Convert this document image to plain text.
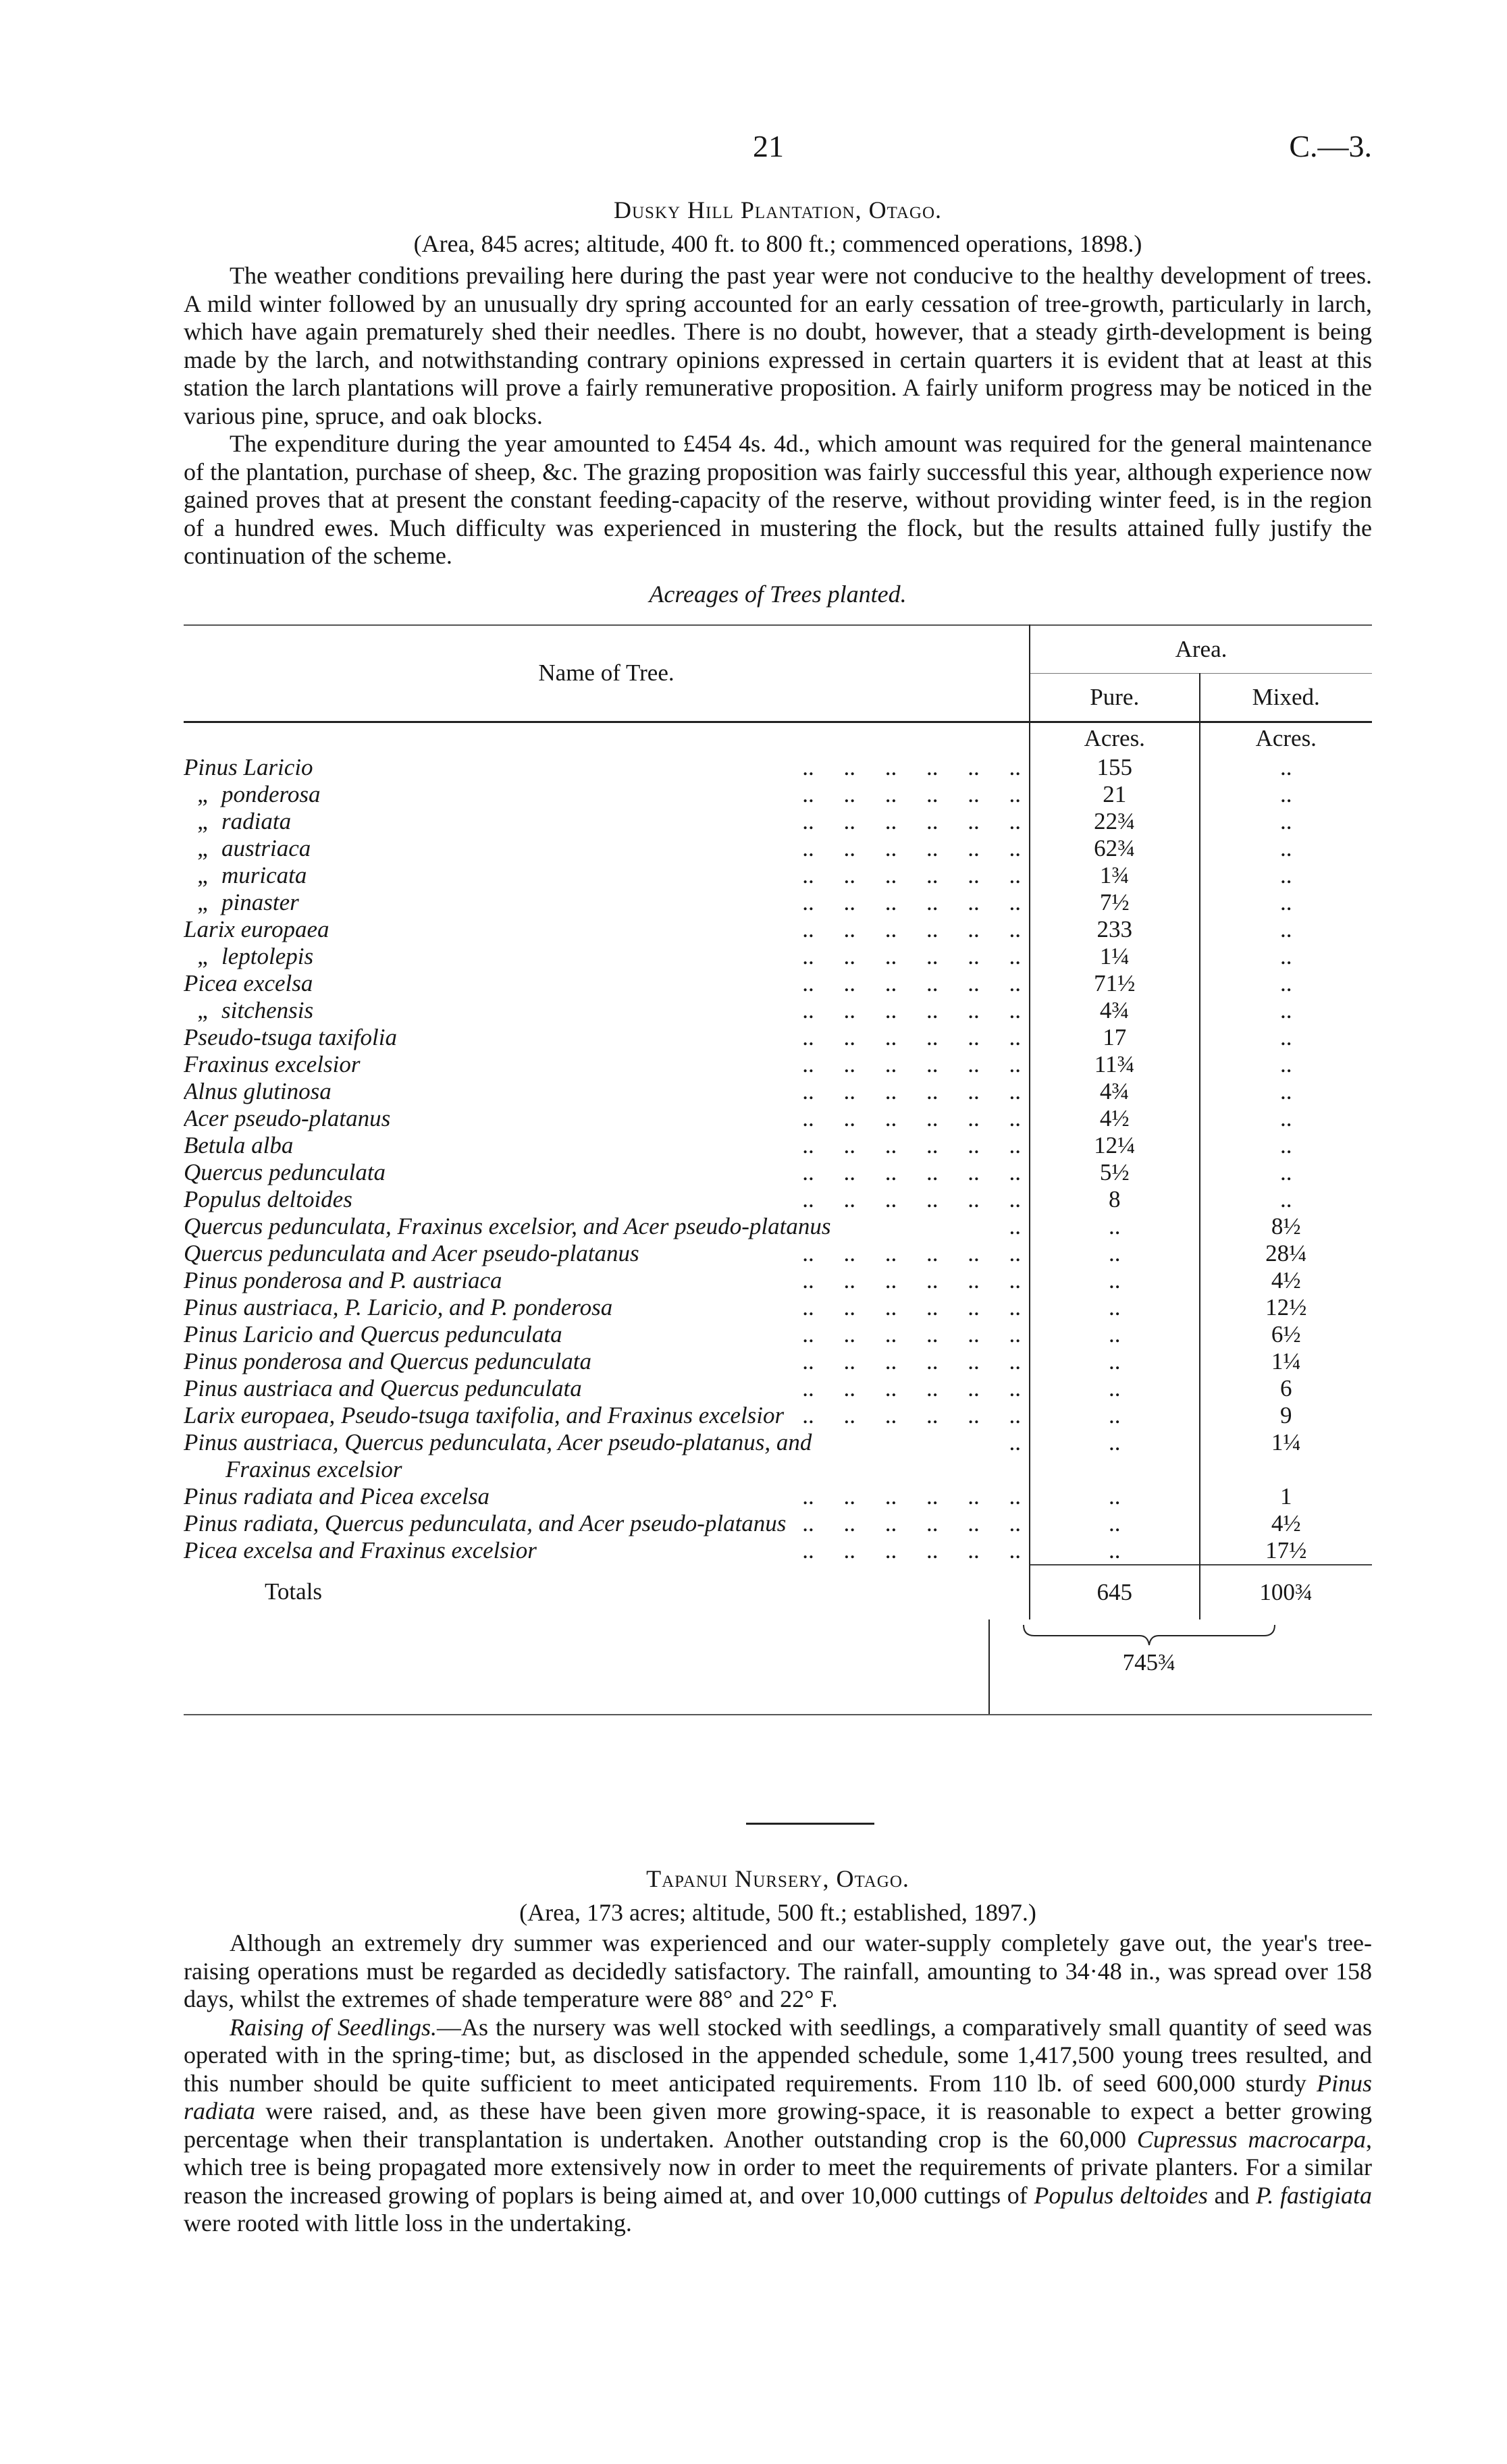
21	C.—3.
Dusky Hill Plantation, Otago.
(Area, 845 acres; altitude, 400 ft. to 800 ft.; commenced operations, 1898.)

The weather conditions prevailing here during the past year were not conducive to the healthy development of trees. A mild winter followed by an unusually dry spring accounted for an early cessation of tree-growth, particularly in larch, which have again prematurely shed their needles. There is no doubt, however, that a steady girth-development is being made by the larch, and notwithstanding contrary opinions expressed in certain quarters it is evident that at least at this station the larch plantations will prove a fairly remunerative proposition. A fairly uniform progress may be noticed in the various pine, spruce, and oak blocks.

The expenditure during the year amounted to £454 4s. 4d., which amount was required for the general maintenance of the plantation, purchase of sheep, &c. The grazing proposition was fairly successful this year, although experience now gained proves that at present the constant feeding-capacity of the reserve, without providing winter feed, is in the region of a hundred ewes. Much difficulty was experienced in mustering the flock, but the results attained fully justify the continuation of the scheme.

Acreages of Trees planted.
Name of Tree.	Area.	
	Pure.	Mixed.
	Acres.	Acres.
Pinus Laricio ..     ..     ..     ..     ..     ..	155	..
„ ponderosa ..     ..     ..     ..     ..     ..	21	..
„ radiata ..     ..     ..     ..     ..     ..	22¾	..
„ austriaca ..     ..     ..     ..     ..     ..	62¾	..
„ muricata ..     ..     ..     ..     ..     ..	1¾	..
„ pinaster ..     ..     ..     ..     ..     ..	7½	..
Larix europaea ..     ..     ..     ..     ..     ..	233	..
„ leptolepis ..     ..     ..     ..     ..     ..	1¼	..
Picea excelsa ..     ..     ..     ..     ..     ..	71½	..
„ sitchensis ..     ..     ..     ..     ..     ..	4¾	..
Pseudo-tsuga taxifolia ..     ..     ..     ..     ..     ..	17	..
Fraxinus excelsior ..     ..     ..     ..     ..     ..	11¾	..
Alnus glutinosa ..     ..     ..     ..     ..     ..	4¾	..
Acer pseudo-platanus ..     ..     ..     ..     ..     ..	4½	..
Betula alba ..     ..     ..     ..     ..     ..	12¼	..
Quercus pedunculata ..     ..     ..     ..     ..     ..	5½	..
Populus deltoides ..     ..     ..     ..     ..     ..	8	..
Quercus pedunculata, Fraxinus excelsior, and Acer pseudo-platanus ..	..	8½
Quercus pedunculata and Acer pseudo-platanus ..     ..     ..     ..     ..     ..	..	28¼
Pinus ponderosa and P. austriaca ..     ..     ..     ..     ..     ..	..	4½
Pinus austriaca, P. Laricio, and P. ponderosa ..     ..     ..     ..     ..     ..	..	12½
Pinus Laricio and Quercus pedunculata ..     ..     ..     ..     ..     ..	..	6½
Pinus ponderosa and Quercus pedunculata ..     ..     ..     ..     ..     ..	..	1¼
Pinus austriaca and Quercus pedunculata ..     ..     ..     ..     ..     ..	..	6
Larix europaea, Pseudo-tsuga taxifolia, and Fraxinus excelsior ..     ..     ..     ..     ..     ..	..	9
Pinus austriaca, Quercus pedunculata, Acer pseudo-platanus, and ..	..	1¼
Fraxinus excelsior		
Pinus radiata and Picea excelsa ..     ..     ..     ..     ..     ..	..	1
Pinus radiata, Quercus pedunculata, and Acer pseudo-platanus ..     ..     ..     ..     ..     ..	..	4½
Picea excelsa and Fraxinus excelsior ..     ..     ..     ..     ..     ..	..	17½
Totals	645	100¾
745¾
Tapanui Nursery, Otago.
(Area, 173 acres; altitude, 500 ft.; established, 1897.)

Although an extremely dry summer was experienced and our water-supply completely gave out, the year's tree-raising operations must be regarded as decidedly satisfactory. The rainfall, amounting to 34·48 in., was spread over 158 days, whilst the extremes of shade temperature were 88° and 22° F.

Raising of Seedlings.—As the nursery was well stocked with seedlings, a comparatively small quantity of seed was operated with in the spring-time; but, as disclosed in the appended schedule, some 1,417,500 young trees resulted, and this number should be quite sufficient to meet anticipated requirements. From 110 lb. of seed 600,000 sturdy Pinus radiata were raised, and, as these have been given more growing-space, it is reasonable to expect a better growing percentage when their transplantation is undertaken. Another outstanding crop is the 60,000 Cupressus macrocarpa, which tree is being propagated more extensively now in order to meet the requirements of private planters. For a similar reason the increased growing of poplars is being aimed at, and over 10,000 cuttings of Populus deltoides and P. fastigiata were rooted with little loss in the undertaking.
